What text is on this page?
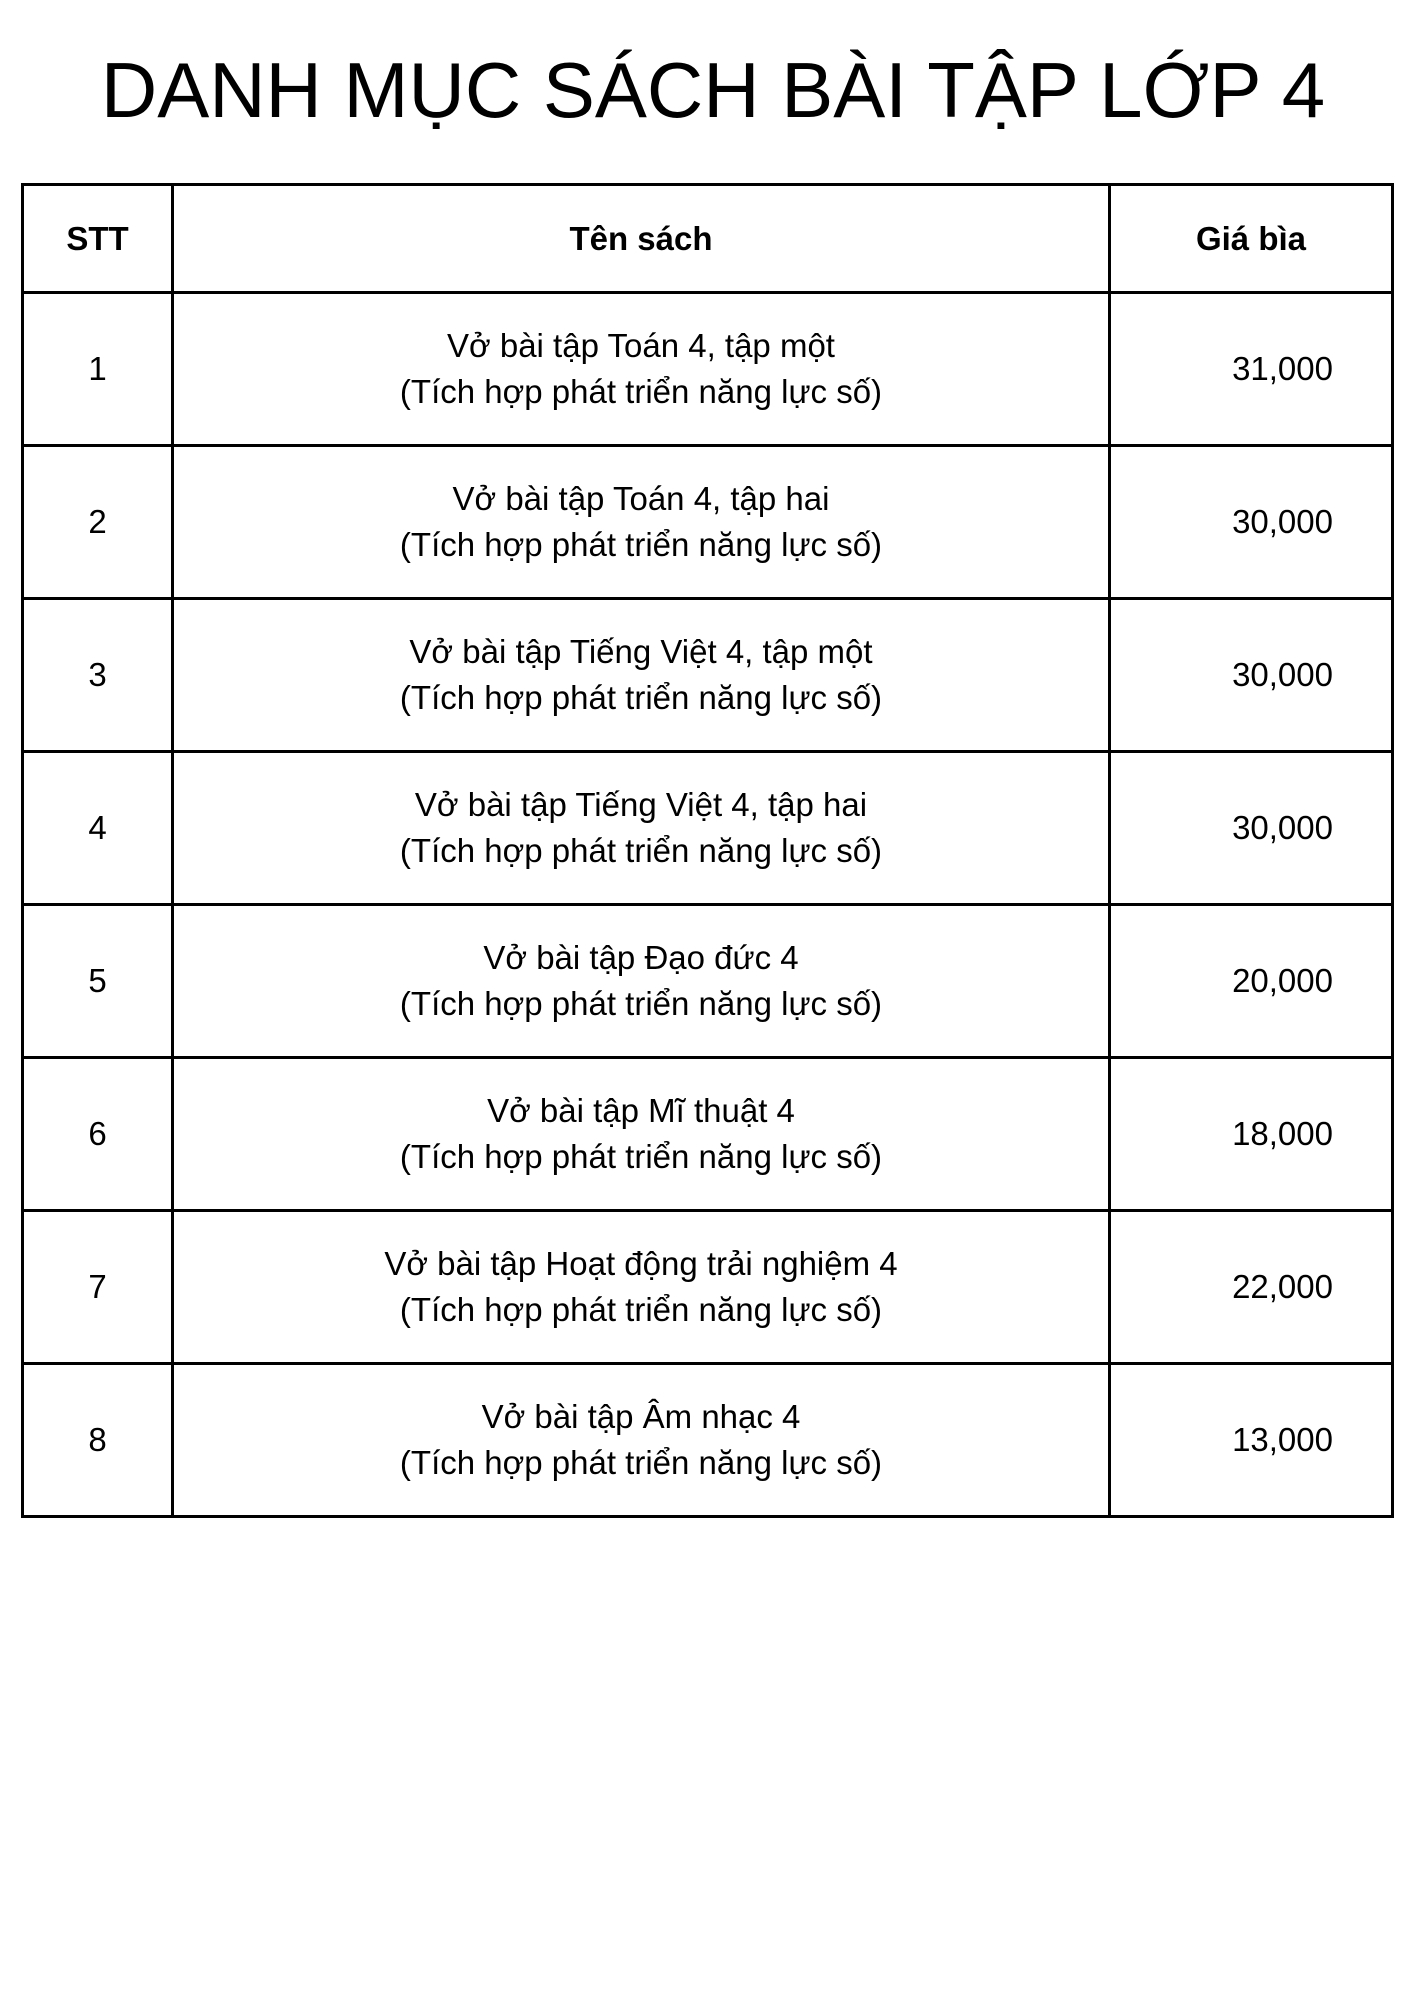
DANH MỤC SÁCH BÀI TẬP LỚP 4
STT	Tên sách	Giá bìa
1	Vở bài tập Toán 4, tập một
(Tích hợp phát triển năng lực số)	31,000
2	Vở bài tập Toán 4, tập hai
(Tích hợp phát triển năng lực số)	30,000
3	Vở bài tập Tiếng Việt 4, tập một
(Tích hợp phát triển năng lực số)	30,000
4	Vở bài tập Tiếng Việt 4, tập hai
(Tích hợp phát triển năng lực số)	30,000
5	Vở bài tập Đạo đức 4
(Tích hợp phát triển năng lực số)	20,000
6	Vở bài tập Mĩ thuật 4
(Tích hợp phát triển năng lực số)	18,000
7	Vở bài tập Hoạt động trải nghiệm 4
(Tích hợp phát triển năng lực số)	22,000
8	Vở bài tập Âm nhạc 4
(Tích hợp phát triển năng lực số)	13,000
